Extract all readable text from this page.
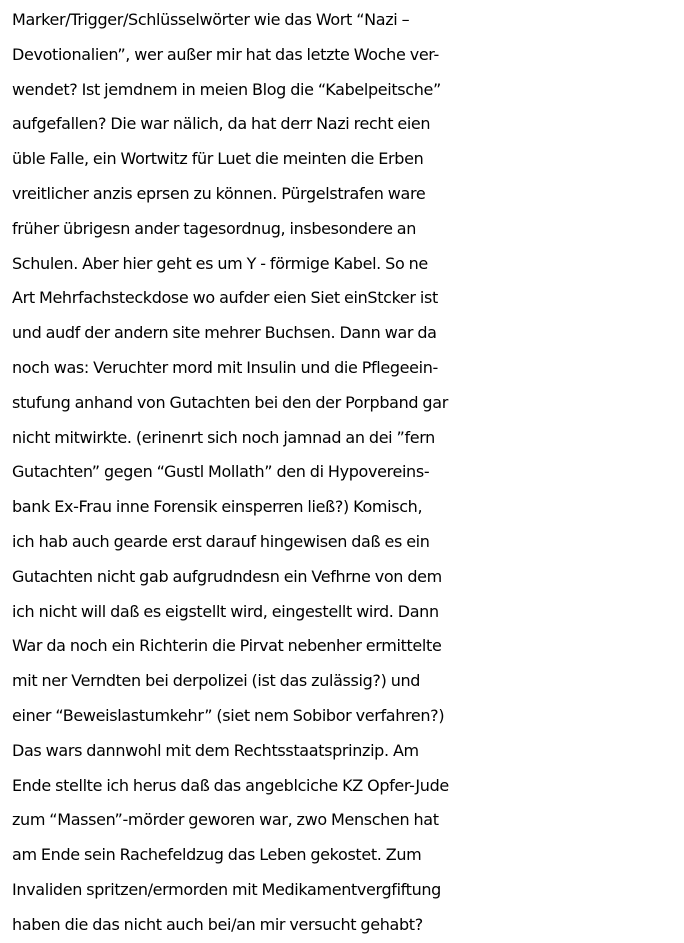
Marker/Trigger/Schlüsselwörter wie das Wort “Nazi –
Devotionalien”, wer außer mir hat das letzte Woche ver-
wendet? Ist jemdnem in meien Blog die “Kabelpeitsche”
aufgefallen? Die war nälich, da hat derr Nazi recht eien
üble Falle, ein Wortwitz für Luet die meinten die Erben
vreitlicher anzis eprsen zu können. Pürgelstrafen ware
früher übrigesn ander tagesordnug, insbesondere an
Schulen. Aber hier geht es um Y - förmige Kabel. So ne
Art Mehrfachsteckdose wo aufder eien Siet einStcker ist
und audf der andern site mehrer Buchsen. Dann war da
noch was: Veruchter mord mit Insulin und die Pflegeein-
stufung anhand von Gutachten bei den der Porpband gar
nicht mitwirkte. (erinenrt sich noch jamnad an dei ”fern
Gutachten” gegen “Gustl Mollath” den di Hypovereins-
bank Ex-Frau inne Forensik einsperren ließ?) Komisch,
ich hab auch gearde erst darauf hingewisen daß es ein
Gutachten nicht gab aufgrudndesn ein Vefhrne von dem
ich nicht will daß es eigstellt wird, eingestellt wird. Dann
War da noch ein Richterin die Pirvat nebenher ermittelte
mit ner Verndten bei derpolizei (ist das zulässig?) und
einer “Beweislastumkehr” (siet nem Sobibor verfahren?)
Das wars dannwohl mit dem Rechtsstaatsprinzip. Am
Ende stellte ich herus daß das angeblciche KZ Opfer-Jude
zum “Massen”-mörder geworen war, zwo Menschen hat
am Ende sein Rachefeldzug das Leben gekostet. Zum
Invaliden spritzen/ermorden mit Medikamentvergfiftung
haben die das nicht auch bei/an mir versucht gehabt?
